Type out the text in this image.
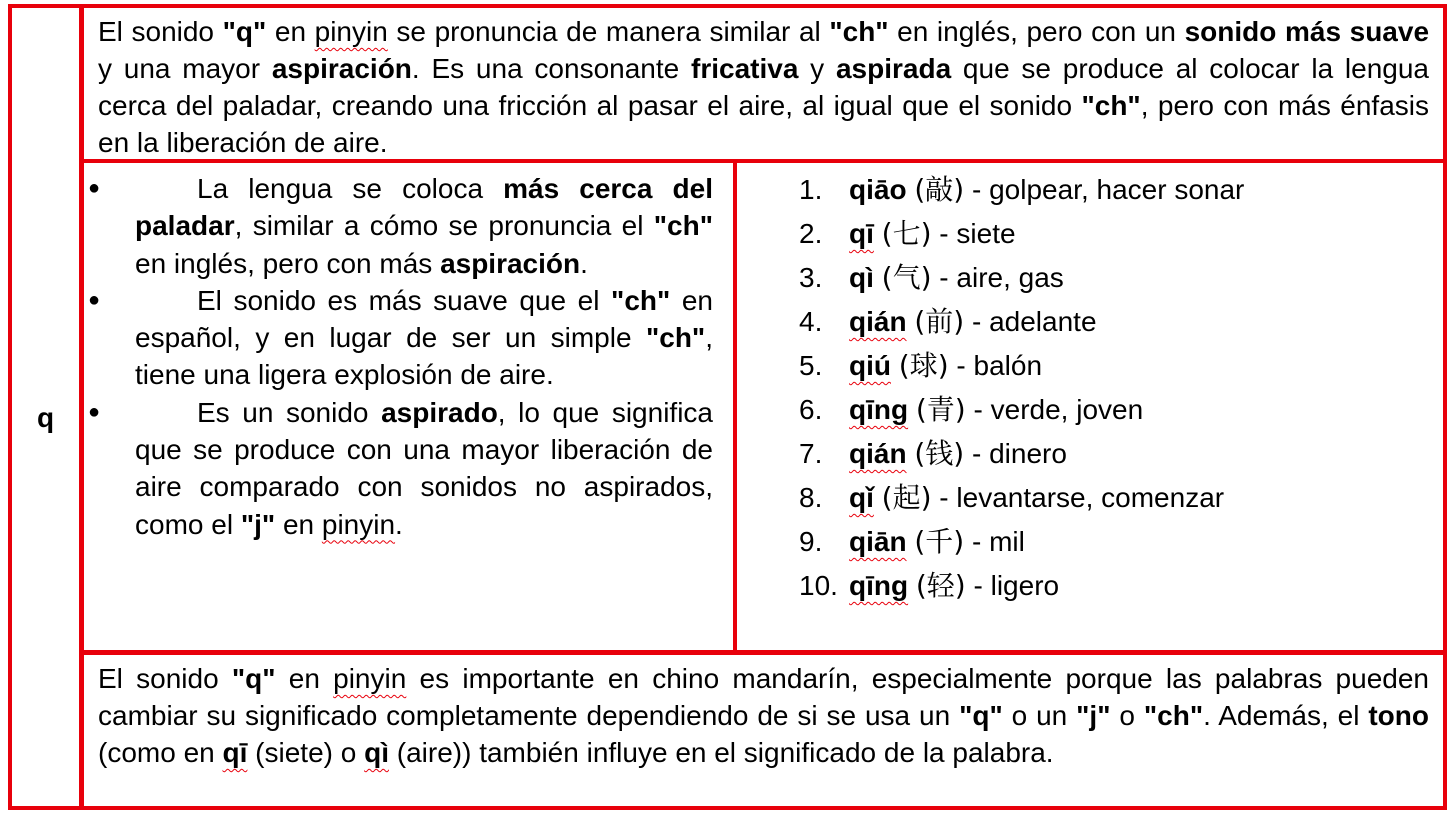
q
El sonido "q" en pinyin se pronuncia de manera similar al "ch" en inglés, pero con un sonido más suave y una mayor aspiración. Es una consonante fricativa y aspirada que se produce al colocar la lengua cerca del paladar, creando una fricción al pasar el aire, al igual que el sonido "ch", pero con más énfasis en la liberación de aire.
●	La lengua se coloca más cerca del paladar, similar a cómo se pronuncia el "ch" en inglés, pero con más aspiración.
●	El sonido es más suave que el "ch" en español, y en lugar de ser un simple "ch", tiene una ligera explosión de aire.
●	Es un sonido aspirado, lo que significa que se produce con una mayor liberación de aire comparado con sonidos no aspirados, como el "j" en pinyin.
1. qiāo (敲) - golpear, hacer sonar
2. qī (七) - siete
3. qì (气) - aire, gas
4. qián (前) - adelante
5. qiú (球) - balón
6. qīng (青) - verde, joven
7. qián (钱) - dinero
8. qǐ (起) - levantarse, comenzar
9. qiān (千) - mil
10. qīng (轻) - ligero
El sonido "q" en pinyin es importante en chino mandarín, especialmente porque las palabras pueden cambiar su significado completamente dependiendo de si se usa un "q" o un "j" o "ch". Además, el tono (como en qī (siete) o qì (aire)) también influye en el significado de la palabra.
